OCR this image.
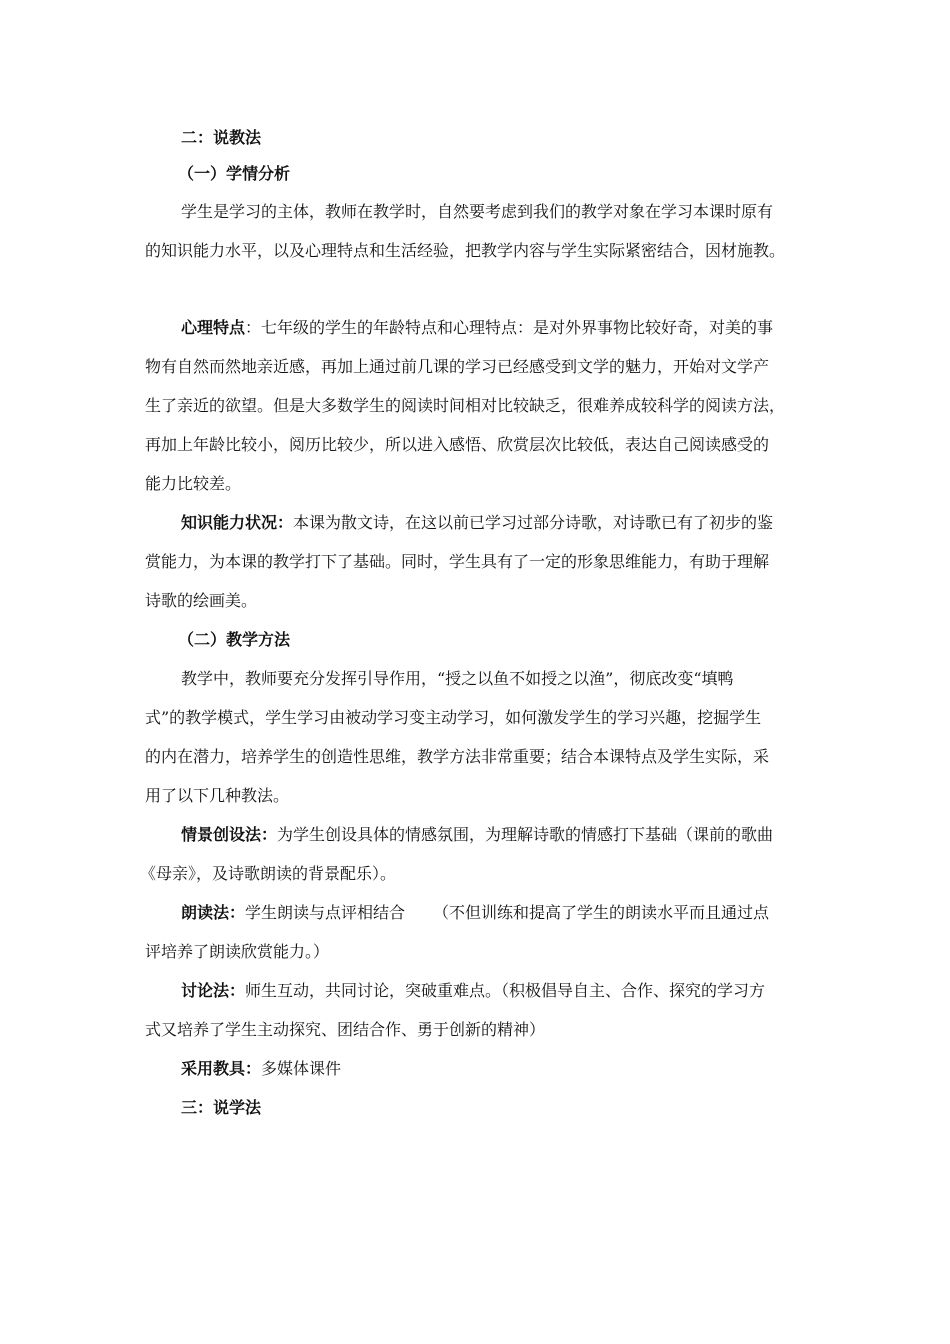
二：说教法
（一）学情分析
学生是学习的主体，教师在教学时，自然要考虑到我们的教学对象在学习本课时原有
的知识能力水平，以及心理特点和生活经验，把教学内容与学生实际紧密结合，因材施教。
心理特点：七年级的学生的年龄特点和心理特点：是对外界事物比较好奇，对美的事
物有自然而然地亲近感，再加上通过前几课的学习已经感受到文学的魅力，开始对文学产
生了亲近的欲望。但是大多数学生的阅读时间相对比较缺乏，很难养成较科学的阅读方法，
再加上年龄比较小，阅历比较少，所以进入感悟、欣赏层次比较低，表达自己阅读感受的
能力比较差。
知识能力状况：本课为散文诗，在这以前已学习过部分诗歌，对诗歌已有了初步的鉴
赏能力，为本课的教学打下了基础。同时，学生具有了一定的形象思维能力，有助于理解
诗歌的绘画美。
（二）教学方法
教学中，教师要充分发挥引导作用，“授之以鱼不如授之以渔”，彻底改变“填鸭
式”的教学模式，学生学习由被动学习变主动学习，如何激发学生的学习兴趣，挖掘学生
的内在潜力，培养学生的创造性思维，教学方法非常重要；结合本课特点及学生实际，采
用了以下几种教法。
情景创设法：为学生创设具体的情感氛围，为理解诗歌的情感打下基础（课前的歌曲
《母亲》，及诗歌朗读的背景配乐）。
朗读法：学生朗读与点评相结合 （不但训练和提高了学生的朗读水平而且通过点
评培养了朗读欣赏能力。）
讨论法：师生互动，共同讨论，突破重难点。（积极倡导自主、合作、探究的学习方
式又培养了学生主动探究、团结合作、勇于创新的精神）
采用教具：多媒体课件
三：说学法
